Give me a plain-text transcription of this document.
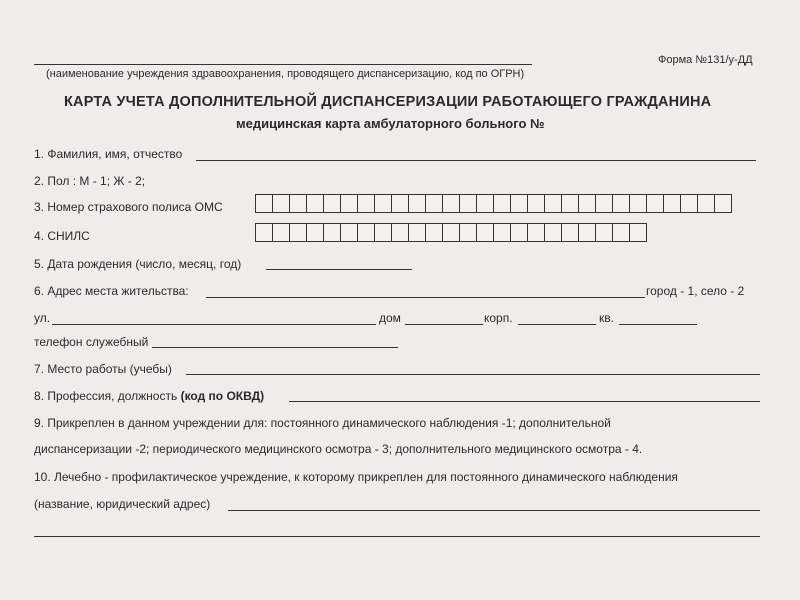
Форма №131/у-ДД
(наименование учреждения здравоохранения, проводящего диспансеризацию, код по ОГРН)
КАРТА УЧЕТА ДОПОЛНИТЕЛЬНОЙ ДИСПАНСЕРИЗАЦИИ РАБОТАЮЩЕГО ГРАЖДАНИНА
медицинская карта амбулаторного больного №
1. Фамилия, имя, отчество
2. Пол : М - 1; Ж - 2;
3. Номер страхового полиса ОМС
4. СНИЛС
5. Дата рождения (число, месяц, год)
6. Адрес места жительства:	город - 1, село - 2
ул.	дом	корп.	кв.
телефон служебный
7. Место работы (учебы)
8. Профессия, должность (код по ОКВД)
9. Прикреплен в данном учреждении для: постоянного динамического наблюдения -1; дополнительной
диспансеризации -2; периодического медицинского осмотра - 3; дополнительного медицинского осмотра - 4.
10. Лечебно - профилактическое учреждение, к которому прикреплен для постоянного динамического наблюдения
(название, юридический адрес)
